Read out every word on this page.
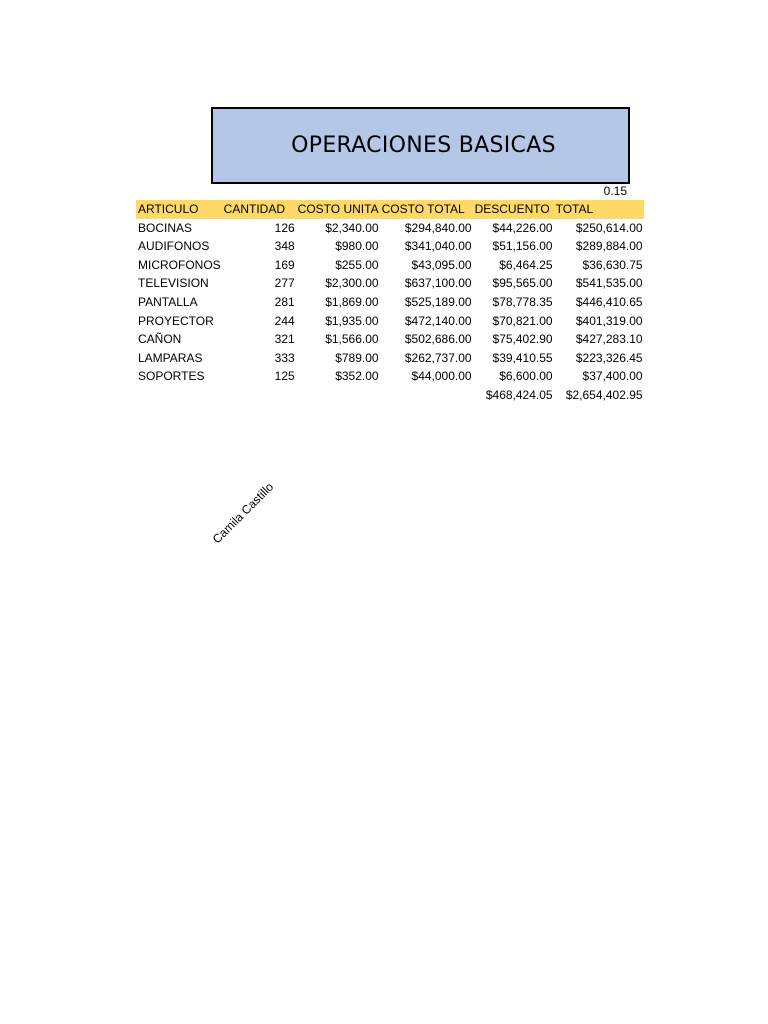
OPERACIONES BASICAS
0.15
ARTICULO	CANTIDAD	COSTO UNITA	COSTO TOTAL	DESCUENTO	TOTAL
BOCINAS	126	$2,340.00	$294,840.00	$44,226.00	$250,614.00
AUDIFONOS	348	$980.00	$341,040.00	$51,156.00	$289,884.00
MICROFONOS	169	$255.00	$43,095.00	$6,464.25	$36,630.75
TELEVISION	277	$2,300.00	$637,100.00	$95,565.00	$541,535.00
PANTALLA	281	$1,869.00	$525,189.00	$78,778.35	$446,410.65
PROYECTOR	244	$1,935.00	$472,140.00	$70,821.00	$401,319.00
CAÑON	321	$1,566.00	$502,686.00	$75,402.90	$427,283.10
LAMPARAS	333	$789.00	$262,737.00	$39,410.55	$223,326.45
SOPORTES	125	$352.00	$44,000.00	$6,600.00	$37,400.00
				$468,424.05	$2,654,402.95
Camila Castillo
